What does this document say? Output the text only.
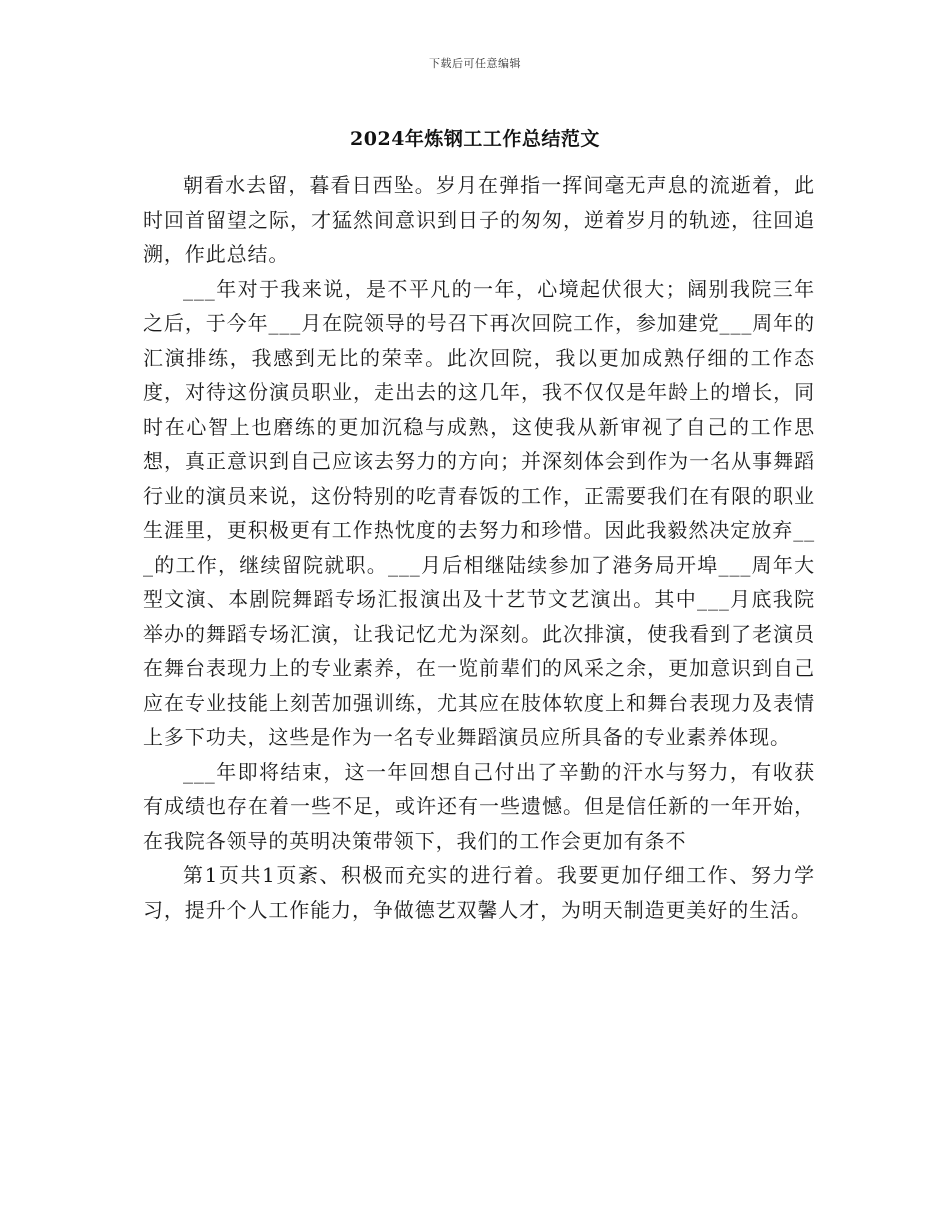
下载后可任意编辑
2024年炼钢工工作总结范文

朝看水去留，暮看日西坠。岁月在弹指一挥间毫无声息的流逝着，此时回首留望之际，才猛然间意识到日子的匆匆，逆着岁月的轨迹，往回追溯，作此总结。

___年对于我来说，是不平凡的一年，心境起伏很大；阔别我院三年之后，于今年___月在院领导的号召下再次回院工作，参加建党___周年的汇演排练，我感到无比的荣幸。此次回院，我以更加成熟仔细的工作态度，对待这份演员职业，走出去的这几年，我不仅仅是年龄上的增长，同时在心智上也磨练的更加沉稳与成熟，这使我从新审视了自己的工作思想，真正意识到自己应该去努力的方向；并深刻体会到作为一名从事舞蹈行业的演员来说，这份特别的吃青春饭的工作，正需要我们在有限的职业生涯里，更积极更有工作热忱度的去努力和珍惜。因此我毅然决定放弃___的工作，继续留院就职。___月后相继陆续参加了港务局开埠___周年大型文演、本剧院舞蹈专场汇报演出及十艺节文艺演出。其中___月底我院举办的舞蹈专场汇演，让我记忆尤为深刻。此次排演，使我看到了老演员在舞台表现力上的专业素养，在一览前辈们的风采之余，更加意识到自己应在专业技能上刻苦加强训练，尤其应在肢体软度上和舞台表现力及表情上多下功夫，这些是作为一名专业舞蹈演员应所具备的专业素养体现。

___年即将结束，这一年回想自己付出了辛勤的汗水与努力，有收获有成绩也存在着一些不足，或许还有一些遗憾。但是信任新的一年开始，在我院各领导的英明决策带领下，我们的工作会更加有条不

第1页共1页紊、积极而充实的进行着。我要更加仔细工作、努力学习，提升个人工作能力，争做德艺双馨人才，为明天制造更美好的生活。
